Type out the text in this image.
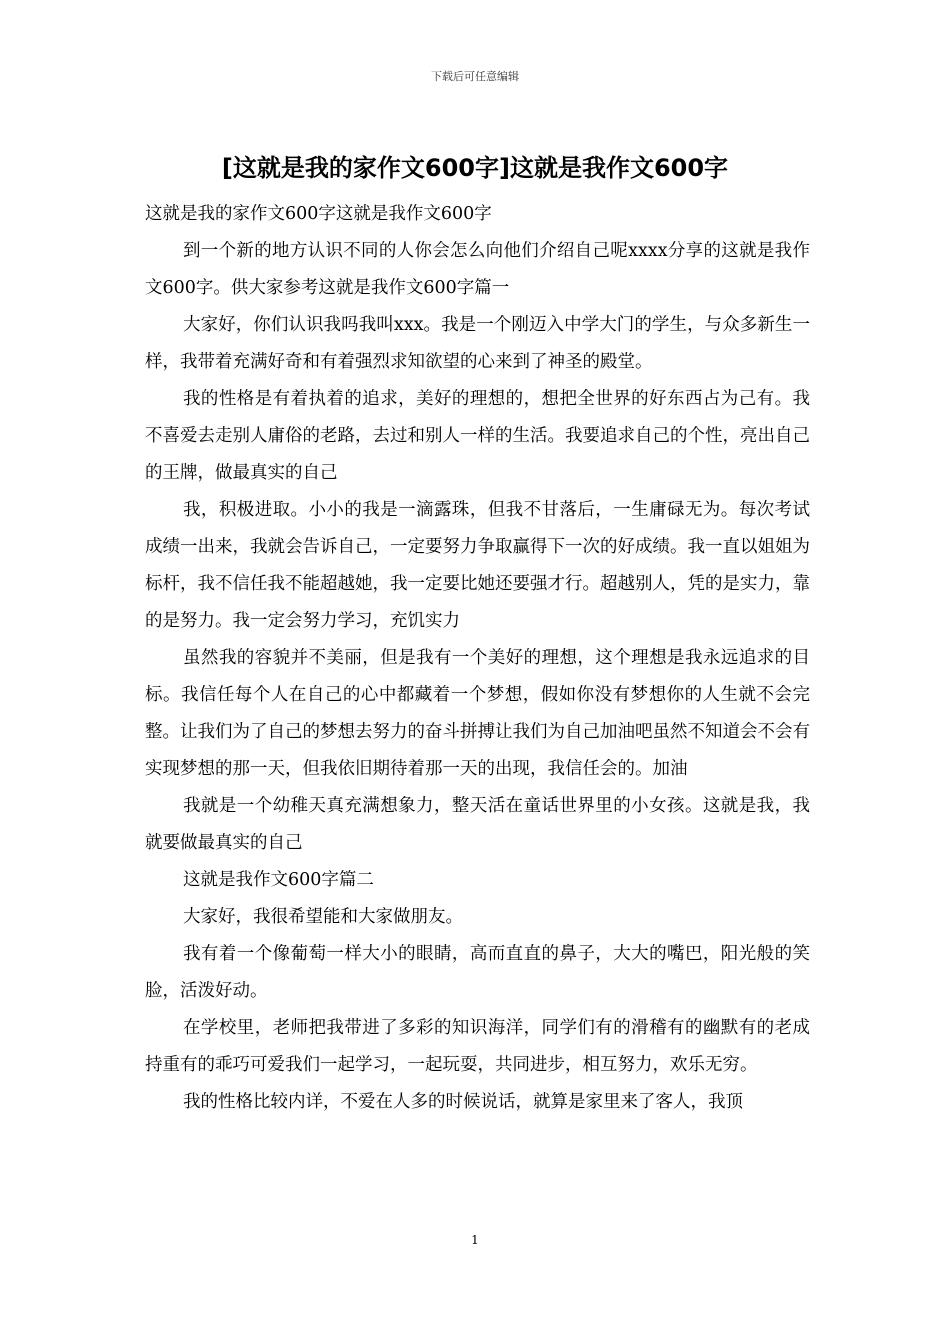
下载后可任意编辑
[这就是我的家作文600字]这就是我作文600字

这就是我的家作文600字这就是我作文600字

到一个新的地方认识不同的人你会怎么向他们介绍自己呢xxxx分享的这就是我作文600字。供大家参考这就是我作文600字篇一

大家好，你们认识我吗我叫xxx。我是一个刚迈入中学大门的学生，与众多新生一样，我带着充满好奇和有着强烈求知欲望的心来到了神圣的殿堂。

我的性格是有着执着的追求，美好的理想的，想把全世界的好东西占为己有。我不喜爱去走别人庸俗的老路，去过和别人一样的生活。我要追求自己的个性，亮出自己的王牌，做最真实的自己

我，积极进取。小小的我是一滴露珠，但我不甘落后，一生庸碌无为。每次考试成绩一出来，我就会告诉自己，一定要努力争取赢得下一次的好成绩。我一直以姐姐为标杆，我不信任我不能超越她，我一定要比她还要强才行。超越别人，凭的是实力，靠的是努力。我一定会努力学习，充饥实力

虽然我的容貌并不美丽，但是我有一个美好的理想，这个理想是我永远追求的目标。我信任每个人在自己的心中都藏着一个梦想，假如你没有梦想你的人生就不会完整。让我们为了自己的梦想去努力的奋斗拼搏让我们为自己加油吧虽然不知道会不会有实现梦想的那一天，但我依旧期待着那一天的出现，我信任会的。加油

我就是一个幼稚天真充满想象力，整天活在童话世界里的小女孩。这就是我，我就要做最真实的自己

这就是我作文600字篇二

大家好，我很希望能和大家做朋友。

我有着一个像葡萄一样大小的眼睛，高而直直的鼻子，大大的嘴巴，阳光般的笑脸，活泼好动。

在学校里，老师把我带进了多彩的知识海洋，同学们有的滑稽有的幽默有的老成持重有的乖巧可爱我们一起学习，一起玩耍，共同进步，相互努力，欢乐无穷。

我的性格比较内详，不爱在人多的时候说话，就算是家里来了客人，我顶

1
